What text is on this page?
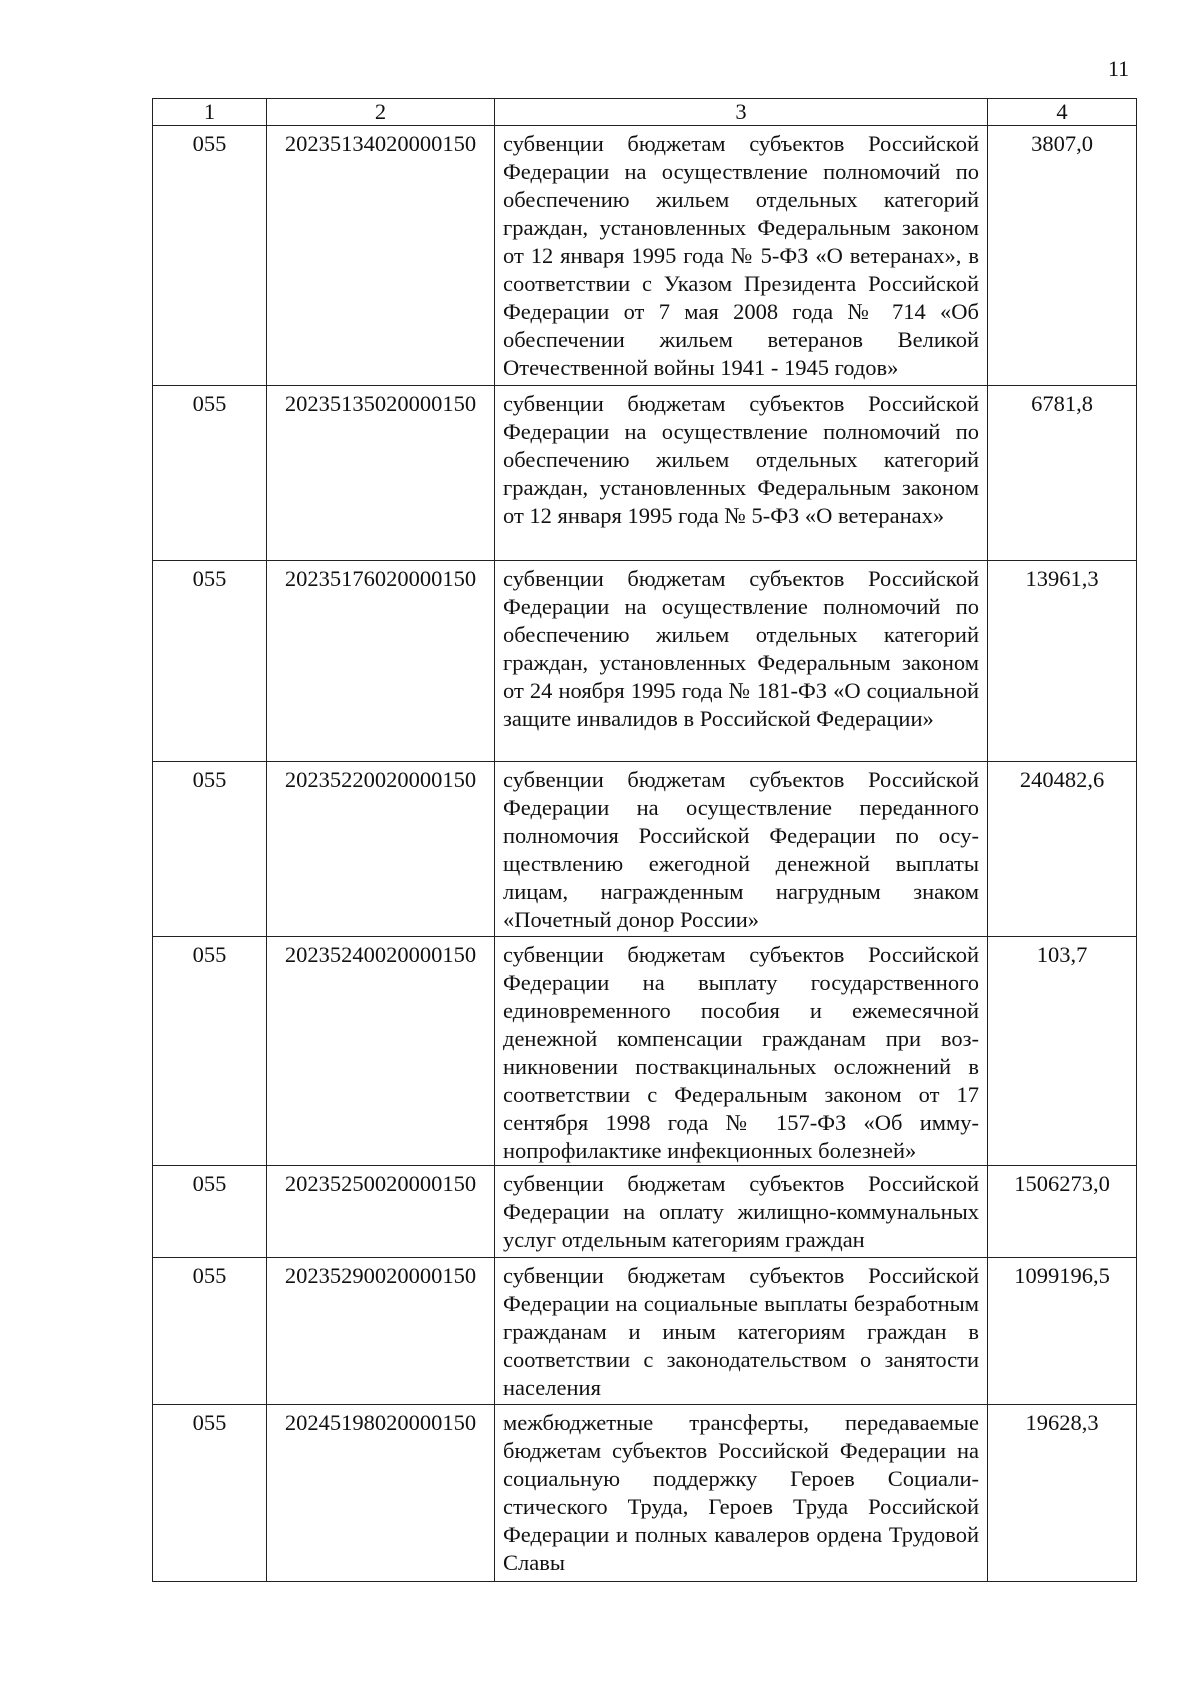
11
1	2	3	4
055	20235134020000150	субвенции бюджетам субъектов Российской Федерации на осуществление полномочий по обеспечению жильем отдельных категорий граждан, установленных Федеральным законом от 12 января 1995 года № 5-ФЗ «О ветеранах», в соответствии с Указом Президента Российской Федерации от 7 мая 2008 года № 714 «Об обеспечении жильем ветеранов Великой Отечественной войны 1941 - 1945 годов»	3807,0
055	20235135020000150	субвенции бюджетам субъектов Российской Федерации на осуществление полномочий по обеспечению жильем отдельных категорий граждан, установленных Федеральным законом от 12 января 1995 года № 5-ФЗ «О ветеранах»	6781,8
055	20235176020000150	субвенции бюджетам субъектов Российской Федерации на осуществление полномочий по обеспечению жильем отдельных категорий граждан, установленных Федеральным законом от 24 ноября 1995 года № 181-ФЗ «О социальной защите инвалидов в Российской Федерации»	13961,3
055	20235220020000150	субвенции бюджетам субъектов Российской Федерации на осуществление переданного полномочия Российской Федерации по осуществлению ежегодной денежной выплаты лицам, награжденным нагрудным знаком «Почетный донор России»	240482,6
055	20235240020000150	субвенции бюджетам субъектов Российской Федерации на выплату государственного единовременного пособия и ежемесячной денежной компенсации гражданам при возникновении поствакцинальных осложнений в соответствии с Федеральным законом от 17 сентября 1998 года № 157-ФЗ «Об иммунопрофилактике инфекционных болезней»	103,7
055	20235250020000150	субвенции бюджетам субъектов Российской Федерации на оплату жилищно-коммунальных услуг отдельным категориям граждан	1506273,0
055	20235290020000150	субвенции бюджетам субъектов Российской Федерации на социальные выплаты безработным гражданам и иным категориям граждан в соответствии с законодательством о занятости населения	1099196,5
055	20245198020000150	межбюджетные трансферты, передаваемые бюджетам субъектов Российской Федерации на социальную поддержку Героев Социалистического Труда, Героев Труда Российской Федерации и полных кавалеров ордена Трудовой Славы	19628,3
